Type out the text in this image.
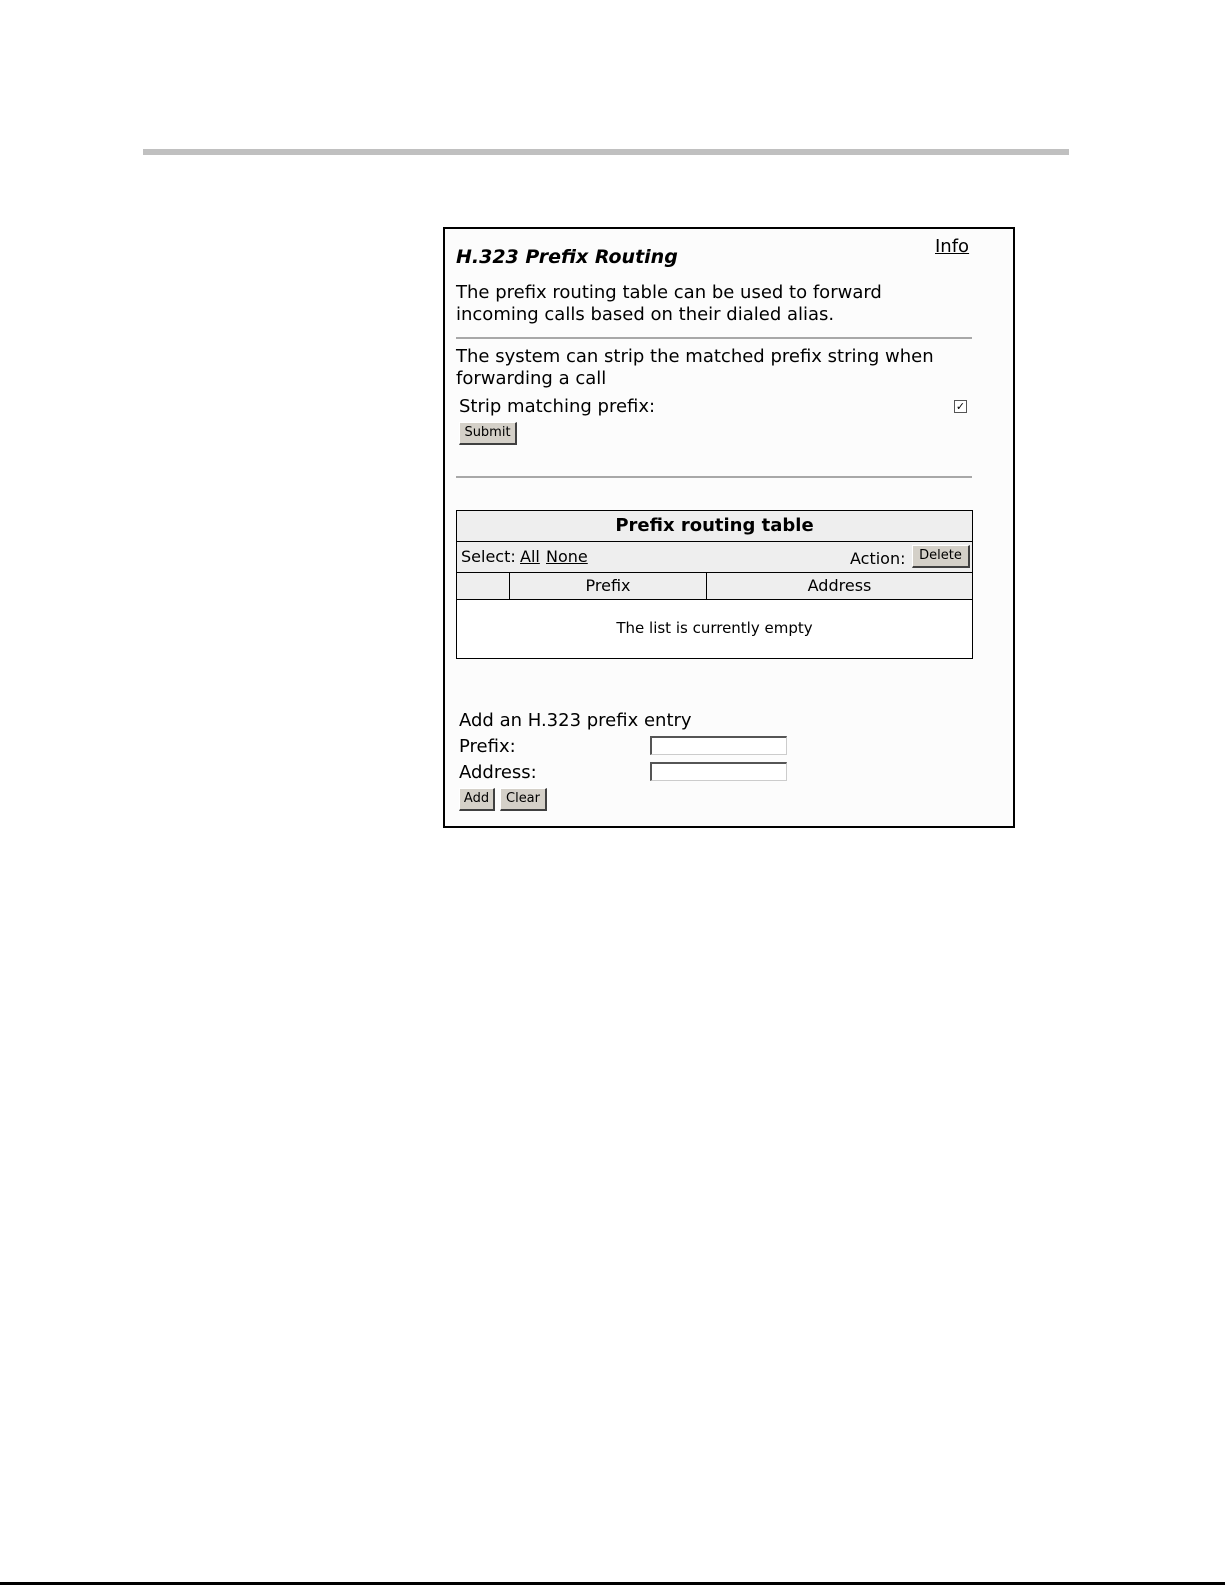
H.323 Prefix Routing	Info
The prefix routing table can be used to forward incoming calls based on their dialed alias.
The system can strip the matched prefix string when forwarding a call
Strip matching prefix:	✓
Submit
Prefix routing table
Select: All None	Action:	Delete
Prefix	Address
The list is currently empty
Add an H.323 prefix entry
Prefix:
Address:
Add	Clear
